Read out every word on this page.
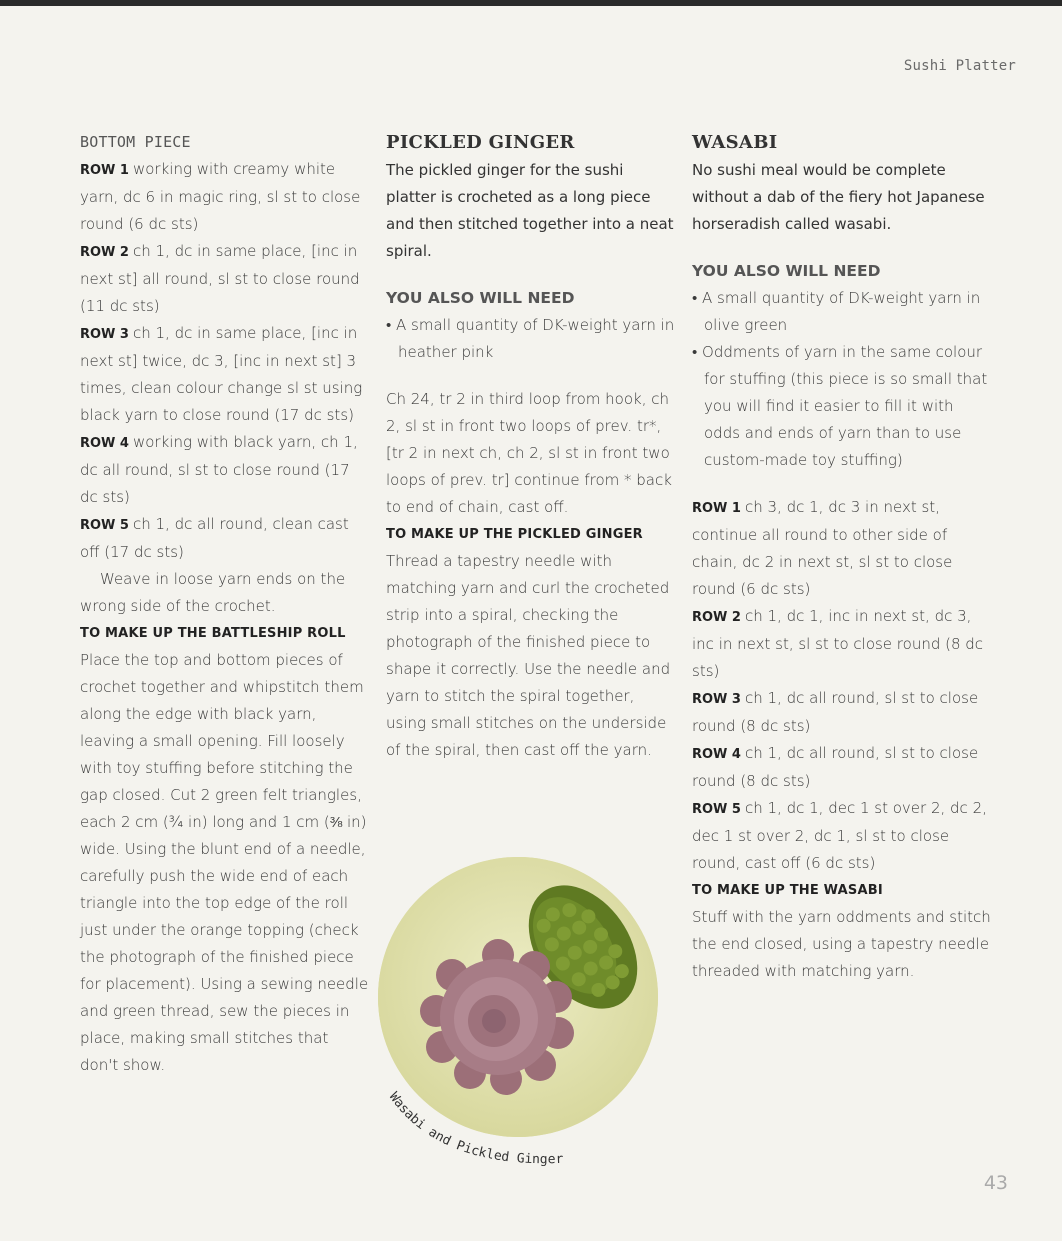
Sushi Platter

BOTTOM PIECE

ROW 1 working with creamy white yarn, dc 6 in magic ring, sl st to close round (6 dc sts)

ROW 2 ch 1, dc in same place, [inc in next st] all round, sl st to close round (11 dc sts)

ROW 3 ch 1, dc in same place, [inc in next st] twice, dc 3, [inc in next st] 3 times, clean colour change sl st using black yarn to close round (17 dc sts)

ROW 4 working with black yarn, ch 1, dc all round, sl st to close round (17 dc sts)

ROW 5 ch 1, dc all round, clean cast off (17 dc sts)

Weave in loose yarn ends on the wrong side of the crochet.

TO MAKE UP THE BATTLESHIP ROLL

Place the top and bottom pieces of crochet together and whipstitch them along the edge with black yarn, leaving a small opening. Fill loosely with toy stuffing before stitching the gap closed. Cut 2 green felt triangles, each 2 cm (¾ in) long and 1 cm (⅜ in) wide. Using the blunt end of a needle, carefully push the wide end of each triangle into the top edge of the roll just under the orange topping (check the photograph of the finished piece for placement). Using a sewing needle and green thread, sew the pieces in place, making small stitches that don't show.

PICKLED GINGER

The pickled ginger for the sushi platter is crocheted as a long piece and then stitched together into a neat spiral.

YOU ALSO WILL NEED

• A small quantity of DK-weight yarn in heather pink

Ch 24, tr 2 in third loop from hook, ch 2, sl st in front two loops of prev. tr*, [tr 2 in next ch, ch 2, sl st in front two loops of prev. tr] continue from * back to end of chain, cast off.

TO MAKE UP THE PICKLED GINGER

Thread a tapestry needle with matching yarn and curl the crocheted strip into a spiral, checking the photograph of the finished piece to shape it correctly. Use the needle and yarn to stitch the spiral together, using small stitches on the underside of the spiral, then cast off the yarn.

WASABI

No sushi meal would be complete without a dab of the fiery hot Japanese horseradish called wasabi.

YOU ALSO WILL NEED

• A small quantity of DK-weight yarn in olive green

• Oddments of yarn in the same colour for stuffing (this piece is so small that you will find it easier to fill it with odds and ends of yarn than to use custom-made toy stuffing)

ROW 1 ch 3, dc 1, dc 3 in next st, continue all round to other side of chain, dc 2 in next st, sl st to close round (6 dc sts)

ROW 2 ch 1, dc 1, inc in next st, dc 3, inc in next st, sl st to close round (8 dc sts)

ROW 3 ch 1, dc all round, sl st to close round (8 dc sts)

ROW 4 ch 1, dc all round, sl st to close round (8 dc sts)

ROW 5 ch 1, dc 1, dec 1 st over 2, dc 2, dec 1 st over 2, dc 1, sl st to close round, cast off (6 dc sts)

TO MAKE UP THE WASABI

Stuff with the yarn oddments and stitch the end closed, using a tapestry needle threaded with matching yarn.

Wasabi and Pickled Ginger
43
